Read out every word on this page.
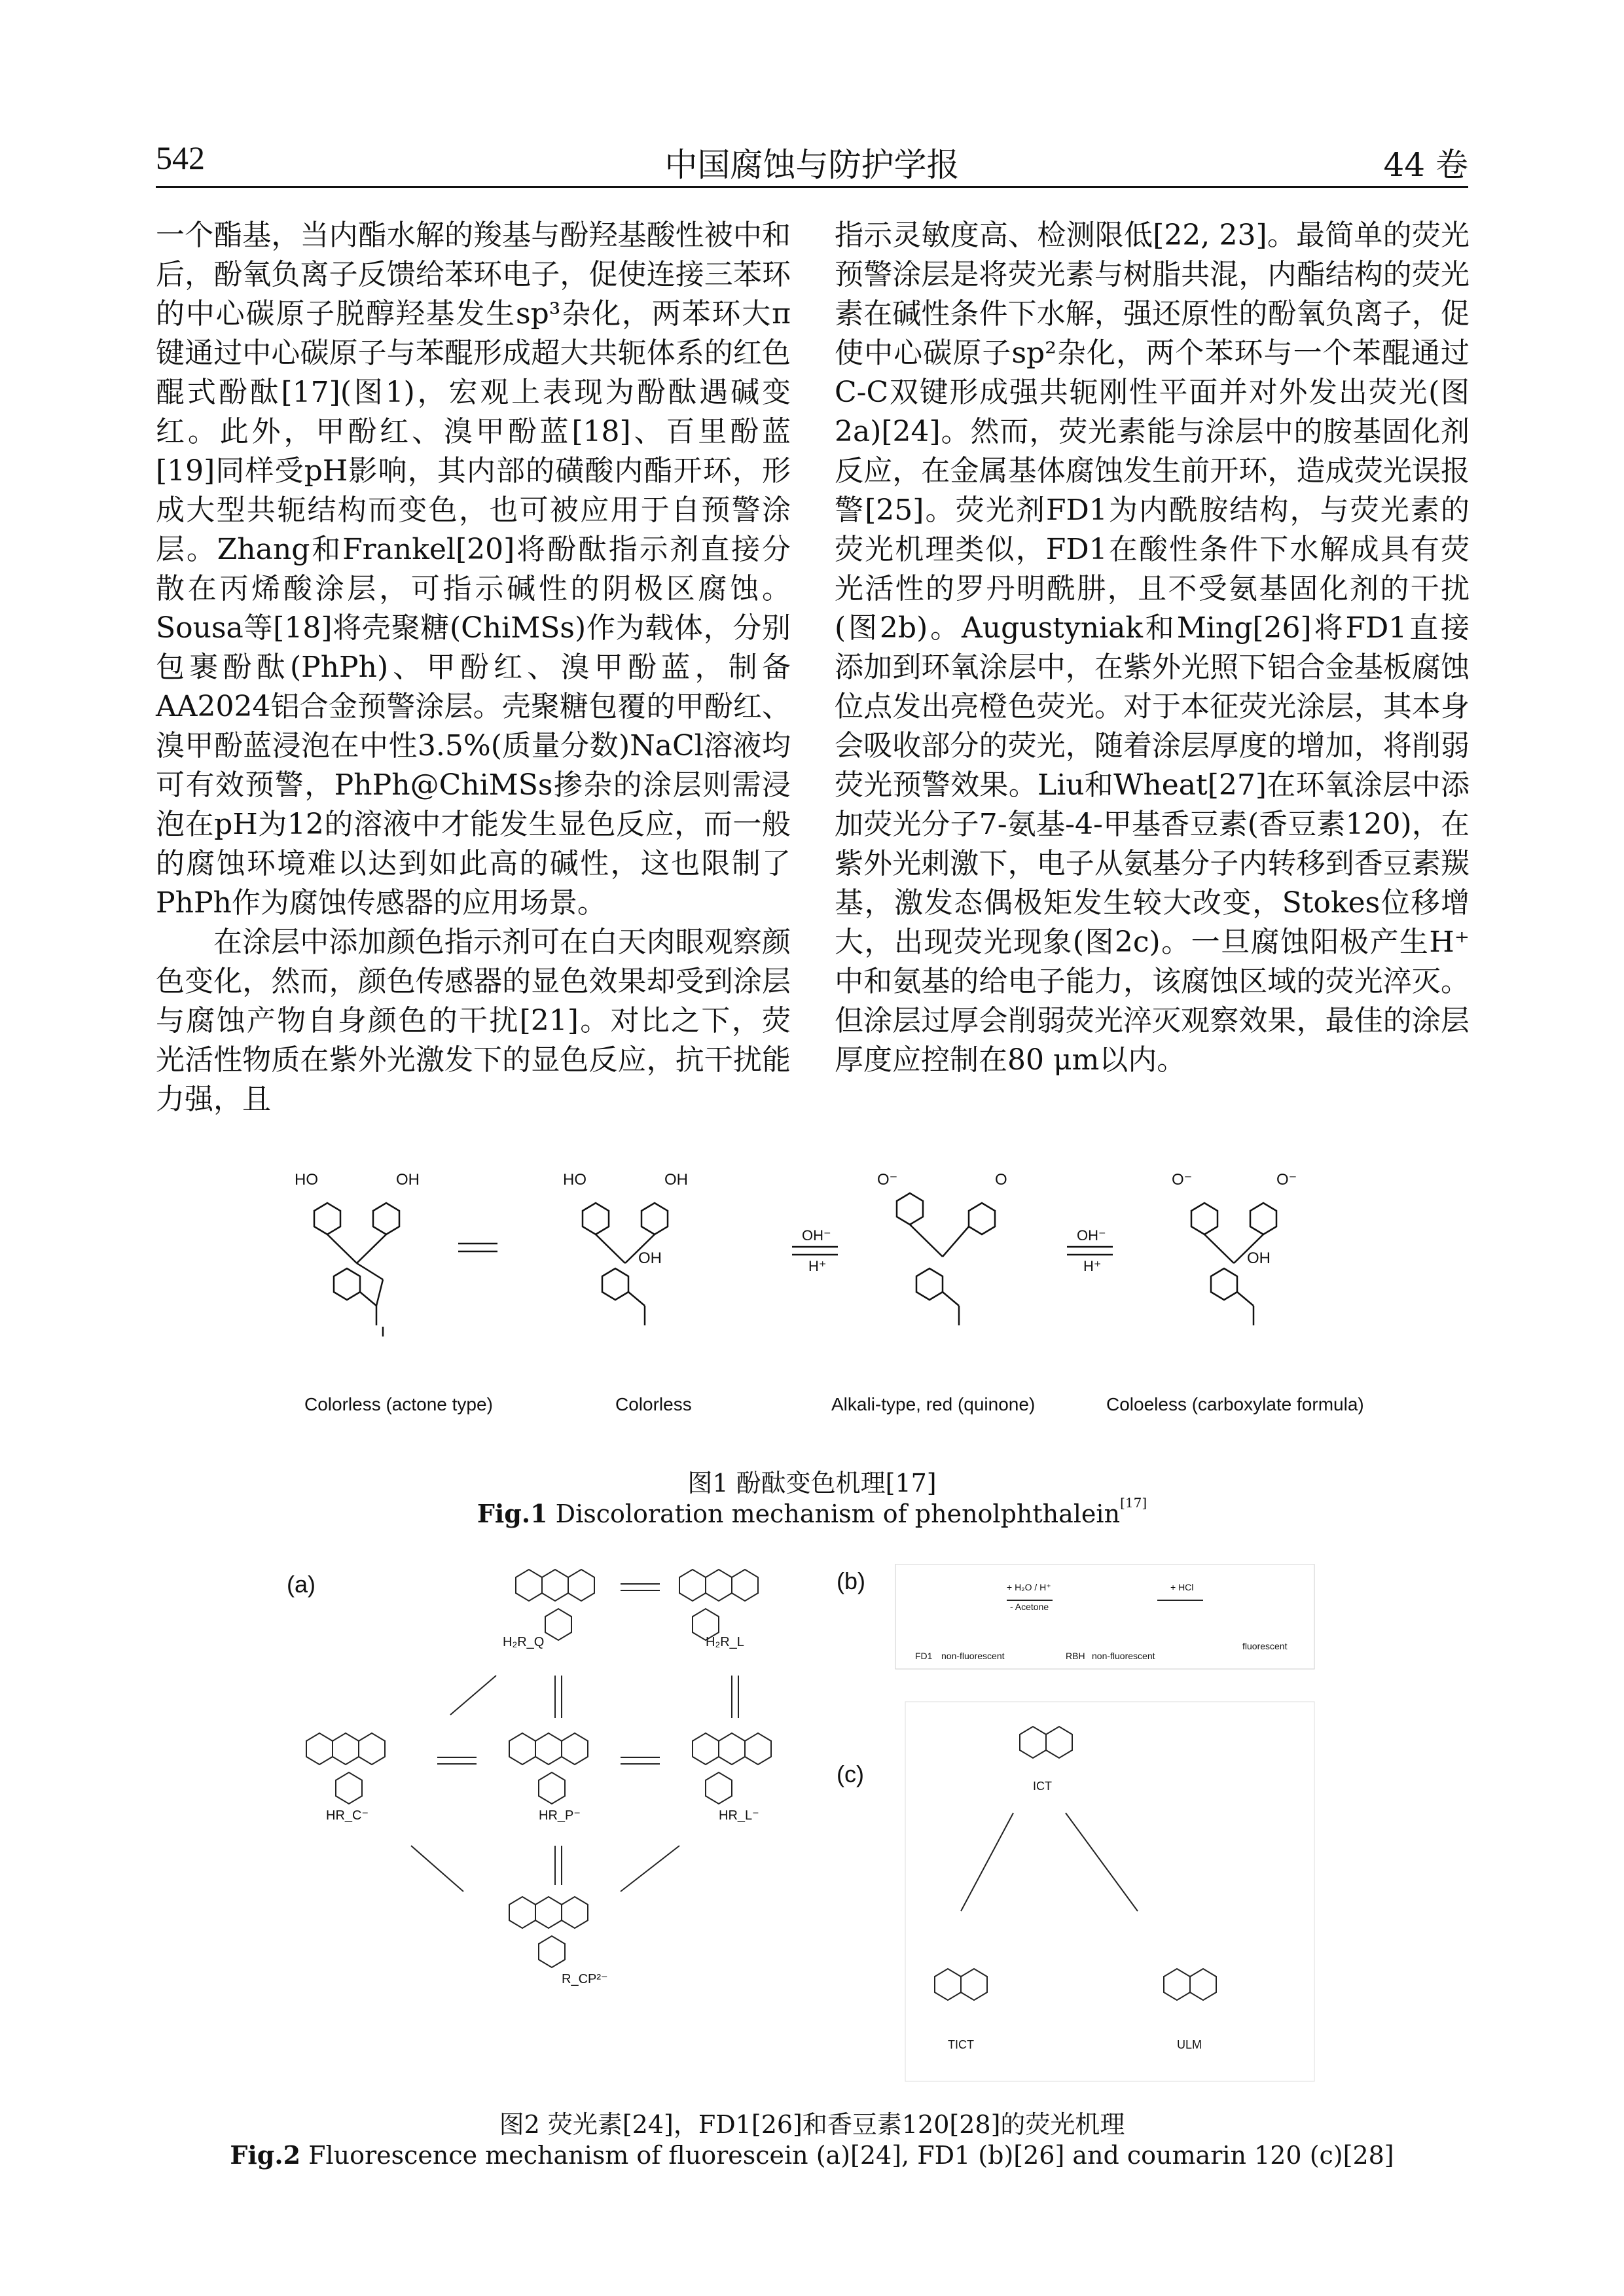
542	中国腐蚀与防护学报	44 卷

一个酯基，当内酯水解的羧基与酚羟基酸性被中和后，酚氧负离子反馈给苯环电子，促使连接三苯环的中心碳原子脱醇羟基发生sp³杂化，两苯环大π键通过中心碳原子与苯醌形成超大共轭体系的红色醌式酚酞[17](图1)，宏观上表现为酚酞遇碱变红。此外，甲酚红、溴甲酚蓝[18]、百里酚蓝[19]同样受pH影响，其内部的磺酸内酯开环，形成大型共轭结构而变色，也可被应用于自预警涂层。Zhang和Frankel[20]将酚酞指示剂直接分散在丙烯酸涂层，可指示碱性的阴极区腐蚀。Sousa等[18]将壳聚糖(ChiMSs)作为载体，分别包裹酚酞(PhPh)、甲酚红、溴甲酚蓝，制备AA2024铝合金预警涂层。壳聚糖包覆的甲酚红、溴甲酚蓝浸泡在中性3.5%(质量分数)NaCl溶液均可有效预警，PhPh@ChiMSs掺杂的涂层则需浸泡在pH为12的溶液中才能发生显色反应，而一般的腐蚀环境难以达到如此高的碱性，这也限制了PhPh作为腐蚀传感器的应用场景。

在涂层中添加颜色指示剂可在白天肉眼观察颜色变化，然而，颜色传感器的显色效果却受到涂层与腐蚀产物自身颜色的干扰[21]。对比之下，荧光活性物质在紫外光激发下的显色反应，抗干扰能力强，且

指示灵敏度高、检测限低[22, 23]。最简单的荧光预警涂层是将荧光素与树脂共混，内酯结构的荧光素在碱性条件下水解，强还原性的酚氧负离子，促使中心碳原子sp²杂化，两个苯环与一个苯醌通过C-C双键形成强共轭刚性平面并对外发出荧光(图2a)[24]。然而，荧光素能与涂层中的胺基固化剂反应，在金属基体腐蚀发生前开环，造成荧光误报警[25]。荧光剂FD1为内酰胺结构，与荧光素的荧光机理类似，FD1在酸性条件下水解成具有荧光活性的罗丹明酰肼，且不受氨基固化剂的干扰(图2b)。Augustyniak和Ming[26]将FD1直接添加到环氧涂层中，在紫外光照下铝合金基板腐蚀位点发出亮橙色荧光。对于本征荧光涂层，其本身会吸收部分的荧光，随着涂层厚度的增加，将削弱荧光预警效果。Liu和Wheat[27]在环氧涂层中添加荧光分子7-氨基-4-甲基香豆素(香豆素120)，在紫外光刺激下，电子从氨基分子内转移到香豆素羰基，激发态偶极矩发生较大改变，Stokes位移增大，出现荧光现象(图2c)。一旦腐蚀阳极产生H⁺中和氨基的给电子能力，该腐蚀区域的荧光淬灭。但涂层过厚会削弱荧光淬灭观察效果，最佳的涂层厚度应控制在80 μm以内。

HO	OH	HO	OH
OH
O⁻	O	O⁻	O⁻
OH
OH⁻
H⁺
OH⁻
H⁺
Colorless (actone type)	Colorless	Alkali-type, red (quinone)	Coloeless (carboxylate formula)
图1 酚酞变色机理[17]
Fig.1 Discoloration mechanism of phenolphthalein[17]
H₂R_Q	H₂R_L
HR_C⁻	HR_P⁻	HR_L⁻
R_CP²⁻
FD1 non-fluorescent	RBH non-fluorescent
fluorescent
+ H₂O / H⁺
- Acetone
+ HCl
ICT
TICT	ULM
(a)	(b)
(c)
图2 荧光素[24]，FD1[26]和香豆素120[28]的荧光机理
Fig.2 Fluorescence mechanism of fluorescein (a)[24], FD1 (b)[26] and coumarin 120 (c)[28]
